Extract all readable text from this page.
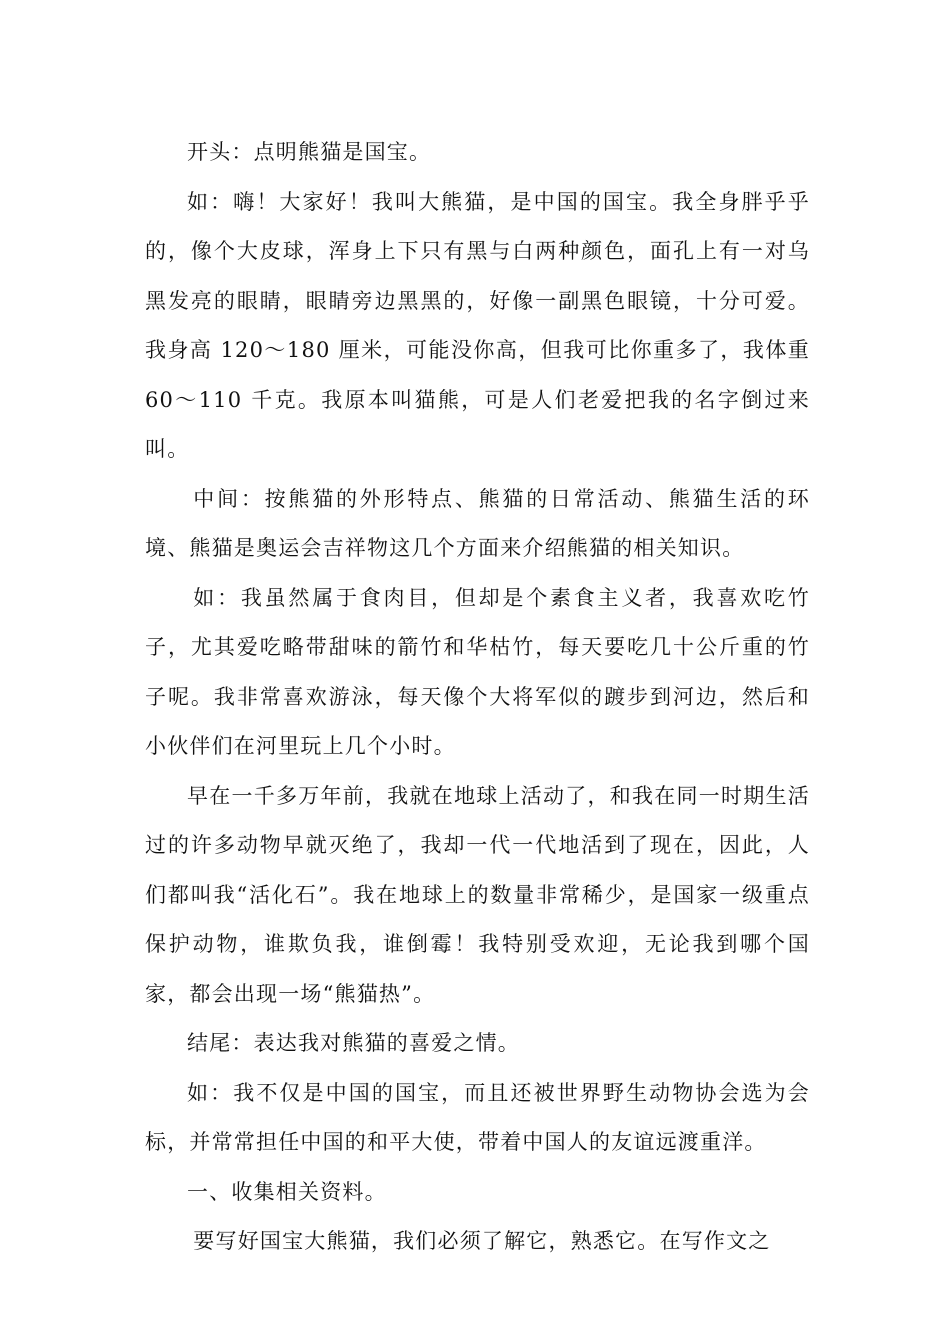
开头：点明熊猫是国宝。

如：嗨！大家好！我叫大熊猫，是中国的国宝。我全身胖乎乎的，像个大皮球，浑身上下只有黑与白两种颜色，面孔上有一对乌黑发亮的眼睛，眼睛旁边黑黑的，好像一副黑色眼镜，十分可爱。我身高 120～180 厘米，可能没你高，但我可比你重多了，我体重 60～110 千克。我原本叫猫熊，可是人们老爱把我的名字倒过来叫。

中间：按熊猫的外形特点、熊猫的日常活动、熊猫生活的环境、熊猫是奥运会吉祥物这几个方面来介绍熊猫的相关知识。

如：我虽然属于食肉目，但却是个素食主义者，我喜欢吃竹子，尤其爱吃略带甜味的箭竹和华枯竹，每天要吃几十公斤重的竹子呢。我非常喜欢游泳，每天像个大将军似的踱步到河边，然后和小伙伴们在河里玩上几个小时。

早在一千多万年前，我就在地球上活动了，和我在同一时期生活过的许多动物早就灭绝了，我却一代一代地活到了现在，因此，人们都叫我“活化石”。我在地球上的数量非常稀少，是国家一级重点保护动物，谁欺负我，谁倒霉！我特别受欢迎，无论我到哪个国家，都会出现一场“熊猫热”。

结尾：表达我对熊猫的喜爱之情。

如：我不仅是中国的国宝，而且还被世界野生动物协会选为会标，并常常担任中国的和平大使，带着中国人的友谊远渡重洋。

一、收集相关资料。

要写好国宝大熊猫，我们必须了解它，熟悉它。在写作文之
